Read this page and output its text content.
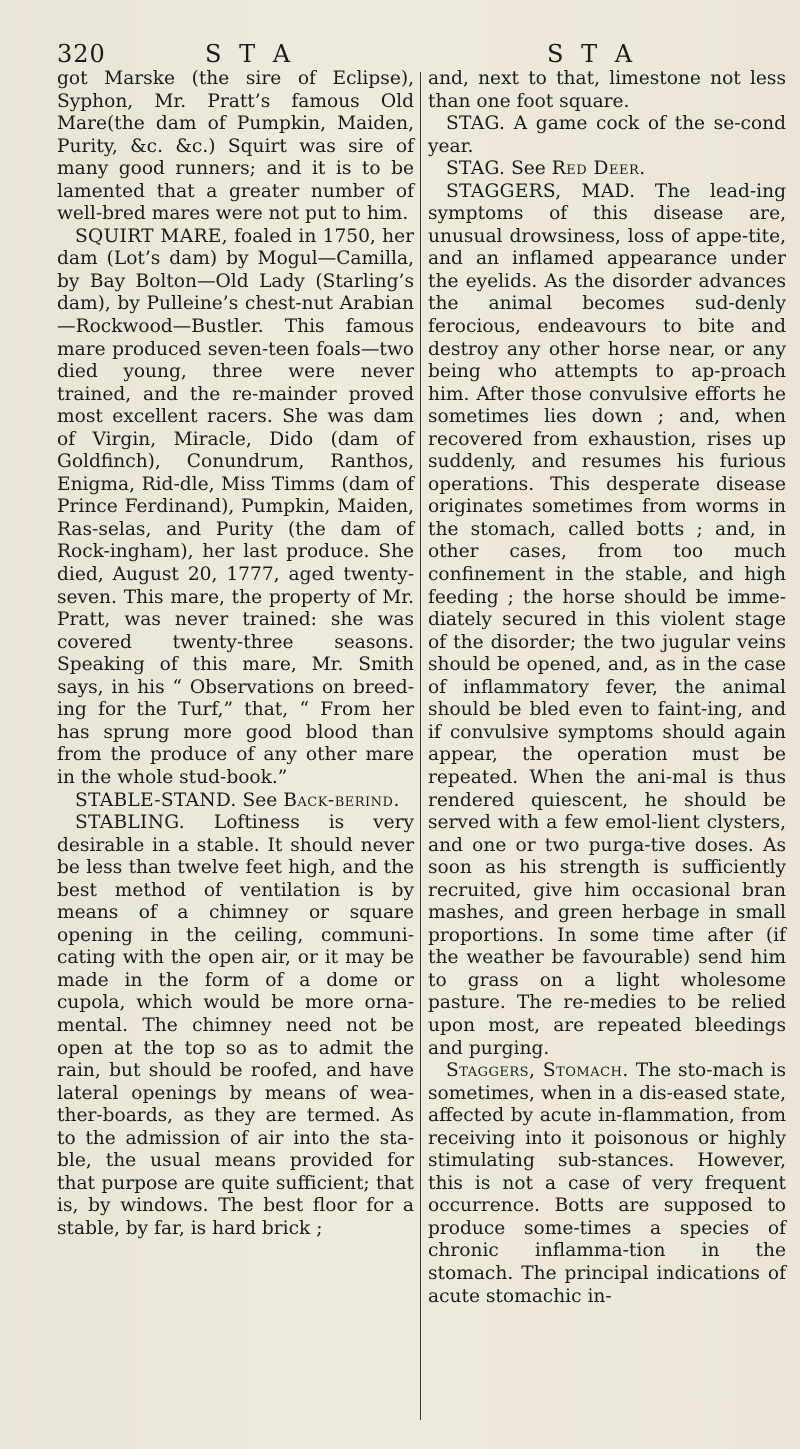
320	S T A	S T A

got Marske (the sire of Eclipse), Syphon, Mr. Pratt’s famous Old Mare(the dam of Pumpkin, Maiden, Purity, &c. &c.) Squirt was sire of many good runners; and it is to be lamented that a greater number of well-bred mares were not put to him.

SQUIRT MARE, foaled in 1750, her dam (Lot’s dam) by Mogul—Camilla, by Bay Bolton—Old Lady (Starling’s dam), by Pulleine’s chest-nut Arabian—Rockwood—Bustler. This famous mare produced seven-teen foals—two died young, three were never trained, and the re-mainder proved most excellent racers. She was dam of Virgin, Miracle, Dido (dam of Goldfinch), Conundrum, Ranthos, Enigma, Rid-dle, Miss Timms (dam of Prince Ferdinand), Pumpkin, Maiden, Ras-selas, and Purity (the dam of Rock-ingham), her last produce. She died, August 20, 1777, aged twenty-seven. This mare, the property of Mr. Pratt, was never trained: she was covered twenty-three seasons. Speaking of this mare, Mr. Smith says, in his “ Observations on breed-ing for the Turf,” that, “ From her has sprung more good blood than from the produce of any other mare in the whole stud-book.”

STABLE-STAND. See Back-berind.

STABLING. Loftiness is very desirable in a stable. It should never be less than twelve feet high, and the best method of ventilation is by means of a chimney or square opening in the ceiling, communi-cating with the open air, or it may be made in the form of a dome or cupola, which would be more orna-mental. The chimney need not be open at the top so as to admit the rain, but should be roofed, and have lateral openings by means of wea-ther-boards, as they are termed. As to the admission of air into the sta-ble, the usual means provided for that purpose are quite sufficient; that is, by windows. The best floor for a stable, by far, is hard brick ;

and, next to that, limestone not less than one foot square.

STAG. A game cock of the se-cond year.

STAG. See Red Deer.

STAGGERS, MAD. The lead-ing symptoms of this disease are, unusual drowsiness, loss of appe-tite, and an inflamed appearance under the eyelids. As the disorder advances the animal becomes sud-denly ferocious, endeavours to bite and destroy any other horse near, or any being who attempts to ap-proach him. After those convulsive efforts he sometimes lies down ; and, when recovered from exhaustion, rises up suddenly, and resumes his furious operations. This desperate disease originates sometimes from worms in the stomach, called botts ; and, in other cases, from too much confinement in the stable, and high feeding ; the horse should be imme-diately secured in this violent stage of the disorder; the two jugular veins should be opened, and, as in the case of inflammatory fever, the animal should be bled even to faint-ing, and if convulsive symptoms should again appear, the operation must be repeated. When the ani-mal is thus rendered quiescent, he should be served with a few emol-lient clysters, and one or two purga-tive doses. As soon as his strength is sufficiently recruited, give him occasional bran mashes, and green herbage in small proportions. In some time after (if the weather be favourable) send him to grass on a light wholesome pasture. The re-medies to be relied upon most, are repeated bleedings and purging.

Staggers, Stomach. The sto-mach is sometimes, when in a dis-eased state, affected by acute in-flammation, from receiving into it poisonous or highly stimulating sub-stances. However, this is not a case of very frequent occurrence. Botts are supposed to produce some-times a species of chronic inflamma-tion in the stomach. The principal indications of acute stomachic in-
